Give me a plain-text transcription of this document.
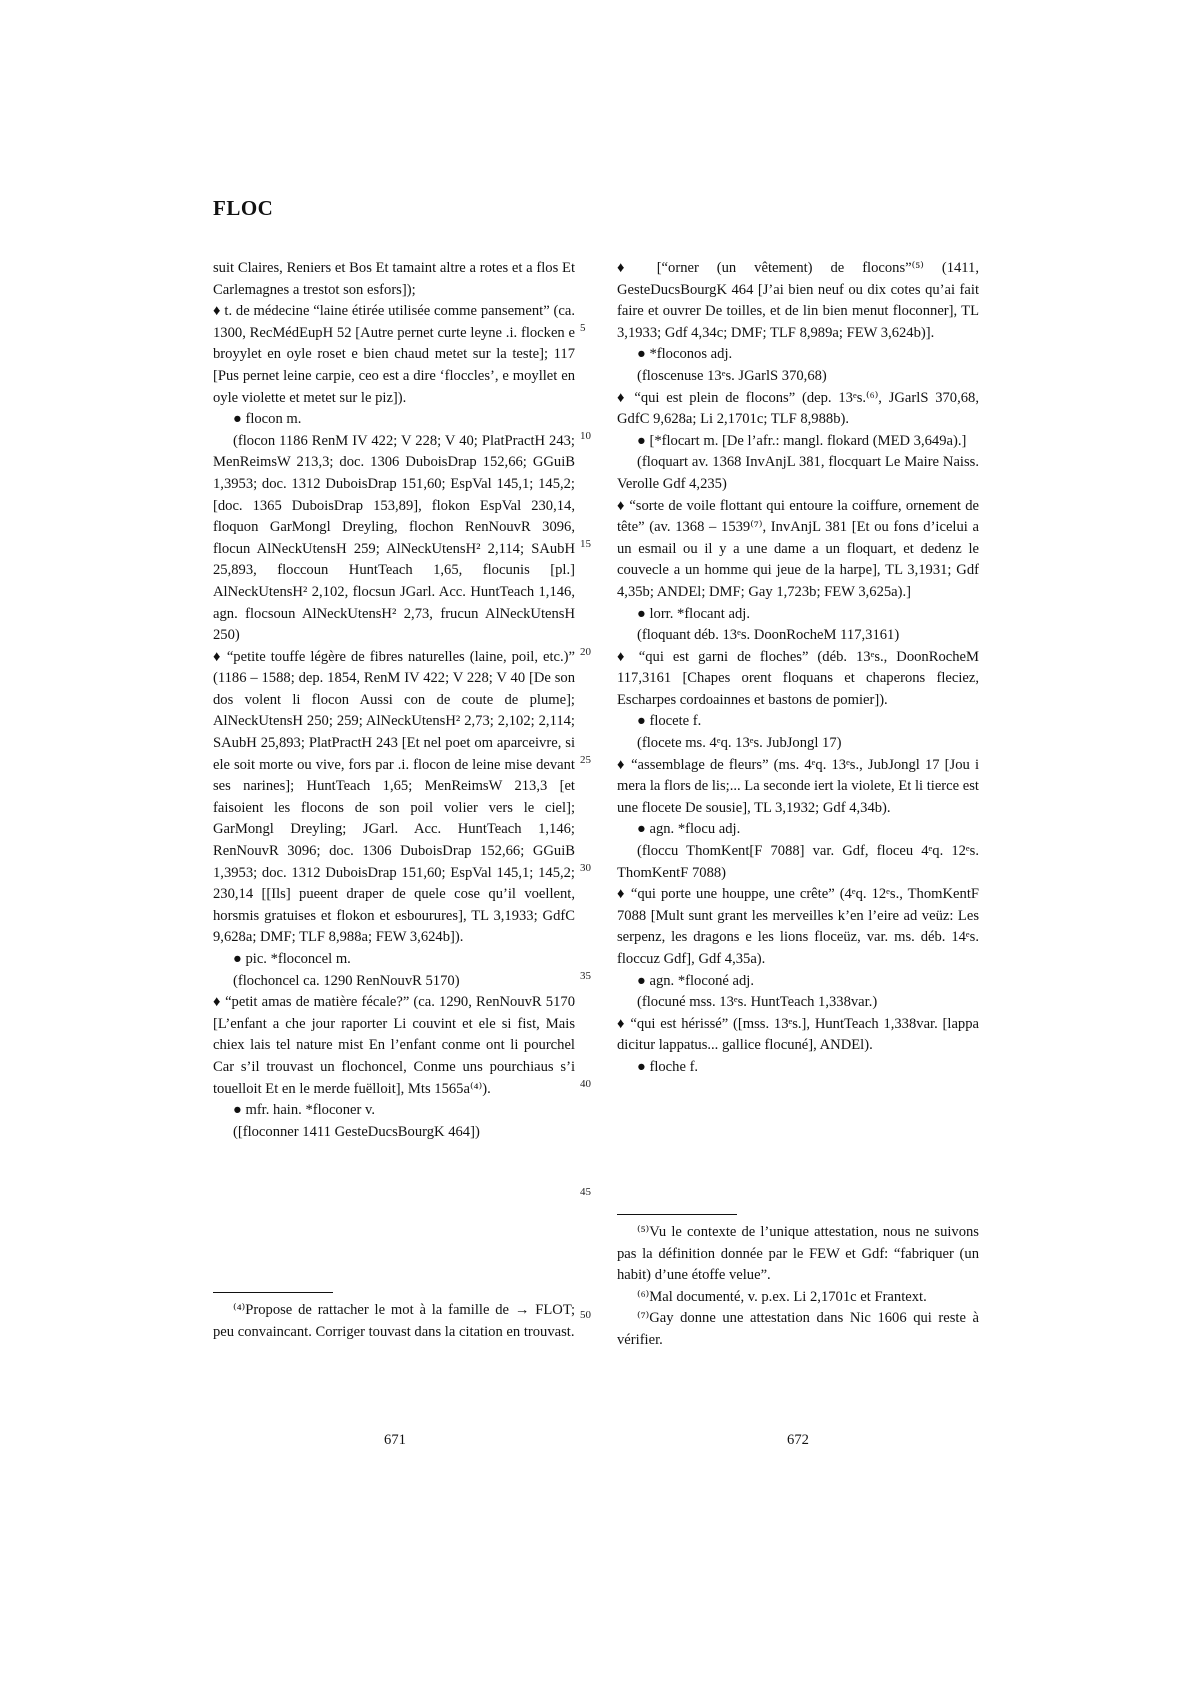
FLOC

suit Claires, Reniers et Bos Et tamaint altre a rotes et a flos Et Carlemagnes a trestot son esfors]);

♦ t. de médecine “laine étirée utilisée comme pansement” (ca. 1300, RecMédEupH 52 [Autre pernet curte leyne .i. flocken e broyylet en oyle roset e bien chaud metet sur la teste]; 117 [Pus pernet leine carpie, ceo est a dire ‘floccles’, e moyllet en oyle violette et metet sur le piz]).

● flocon m.

(flocon 1186 RenM IV 422; V 228; V 40; PlatPractH 243; MenReimsW 213,3; doc. 1306 DuboisDrap 152,66; GGuiB 1,3953; doc. 1312 DuboisDrap 151,60; EspVal 145,1; 145,2; [doc. 1365 DuboisDrap 153,89], flokon EspVal 230,14, floquon GarMongl Dreyling, flochon RenNouvR 3096, flocun AlNeckUtensH 259; AlNeckUtensH² 2,114; SAubH 25,893, floccoun HuntTeach 1,65, flocunis [pl.] AlNeckUtensH² 2,102, flocsun JGarl. Acc. HuntTeach 1,146, agn. flocsoun AlNeckUtensH² 2,73, frucun AlNeckUtensH 250)

♦ “petite touffe légère de fibres naturelles (laine, poil, etc.)” (1186 – 1588; dep. 1854, RenM IV 422; V 228; V 40 [De son dos volent li flocon Aussi con de coute de plume]; AlNeckUtensH 250; 259; AlNeckUtensH² 2,73; 2,102; 2,114; SAubH 25,893; PlatPractH 243 [Et nel poet om aparceivre, si ele soit morte ou vive, fors par .i. flocon de leine mise devant ses narines]; HuntTeach 1,65; MenReimsW 213,3 [et faisoient les flocons de son poil volier vers le ciel]; GarMongl Dreyling; JGarl. Acc. HuntTeach 1,146; RenNouvR 3096; doc. 1306 DuboisDrap 152,66; GGuiB 1,3953; doc. 1312 DuboisDrap 151,60; EspVal 145,1; 145,2; 230,14 [[Ils] pueent draper de quele cose qu’il voellent, horsmis gratuises et flokon et esbourures], TL 3,1933; GdfC 9,628a; DMF; TLF 8,988a; FEW 3,624b]).

● pic. *floconcel m.

(flochoncel ca. 1290 RenNouvR 5170)

♦ “petit amas de matière fécale?” (ca. 1290, RenNouvR 5170 [L’enfant a che jour raporter Li couvint et ele si fist, Mais chiex lais tel nature mist En l’enfant conme ont li pourchel Car s’il trouvast un flochoncel, Conme uns pourchiaus s’i touelloit Et en le merde fuëlloit], Mts 1565a⁽⁴⁾).

● mfr. hain. *floconer v.

([floconner 1411 GesteDucsBourgK 464])

5
10
15
20
25
30
35
40
45
50

♦ [“orner (un vêtement) de flocons”⁽⁵⁾ (1411, GesteDucsBourgK 464 [J’ai bien neuf ou dix cotes qu’ai fait faire et ouvrer De toilles, et de lin bien menut floconner], TL 3,1933; Gdf 4,34c; DMF; TLF 8,989a; FEW 3,624b)].

● *floconos adj.

(floscenuse 13ᵉs. JGarlS 370,68)

♦ “qui est plein de flocons” (dep. 13ᵉs.⁽⁶⁾, JGarlS 370,68, GdfC 9,628a; Li 2,1701c; TLF 8,988b).

● [*flocart m. [De l’afr.: mangl. flokard (MED 3,649a).]

(floquart av. 1368 InvAnjL 381, flocquart Le Maire Naiss. Verolle Gdf 4,235)

♦ “sorte de voile flottant qui entoure la coiffure, ornement de tête” (av. 1368 – 1539⁽⁷⁾, InvAnjL 381 [Et ou fons d’icelui a un esmail ou il y a une dame a un floquart, et dedenz le couvecle a un homme qui jeue de la harpe], TL 3,1931; Gdf 4,35b; ANDEl; DMF; Gay 1,723b; FEW 3,625a).]

● lorr. *flocant adj.

(floquant déb. 13ᵉs. DoonRocheM 117,3161)

♦ “qui est garni de floches” (déb. 13ᵉs., DoonRocheM 117,3161 [Chapes orent floquans et chaperons fleciez, Escharpes cordoainnes et bastons de pomier]).

● flocete f.

(flocete ms. 4ᵉq. 13ᵉs. JubJongl 17)

♦ “assemblage de fleurs” (ms. 4ᵉq. 13ᵉs., JubJongl 17 [Jou i mera la flors de lis;... La seconde iert la violete, Et li tierce est une flocete De sousie], TL 3,1932; Gdf 4,34b).

● agn. *flocu adj.

(floccu ThomKent[F 7088] var. Gdf, floceu 4ᵉq. 12ᵉs. ThomKentF 7088)

♦ “qui porte une houppe, une crête” (4ᵉq. 12ᵉs., ThomKentF 7088 [Mult sunt grant les merveilles k’en l’eire ad veüz: Les serpenz, les dragons e les lions floceüz, var. ms. déb. 14ᵉs. floccuz Gdf], Gdf 4,35a).

● agn. *floconé adj.

(flocuné mss. 13ᵉs. HuntTeach 1,338var.)

♦ “qui est hérissé” ([mss. 13ᵉs.], HuntTeach 1,338var. [lappa dicitur lappatus... gallice flocuné], ANDEl).

● floche f.

⁽⁴⁾Propose de rattacher le mot à la famille de → FLOT; peu convaincant. Corriger touvast dans la citation en trouvast.

⁽⁵⁾Vu le contexte de l’unique attestation, nous ne suivons pas la définition donnée par le FEW et Gdf: “fabriquer (un habit) d’une étoffe velue”.

⁽⁶⁾Mal documenté, v. p.ex. Li 2,1701c et Frantext.

⁽⁷⁾Gay donne une attestation dans Nic 1606 qui reste à vérifier.

671	672
